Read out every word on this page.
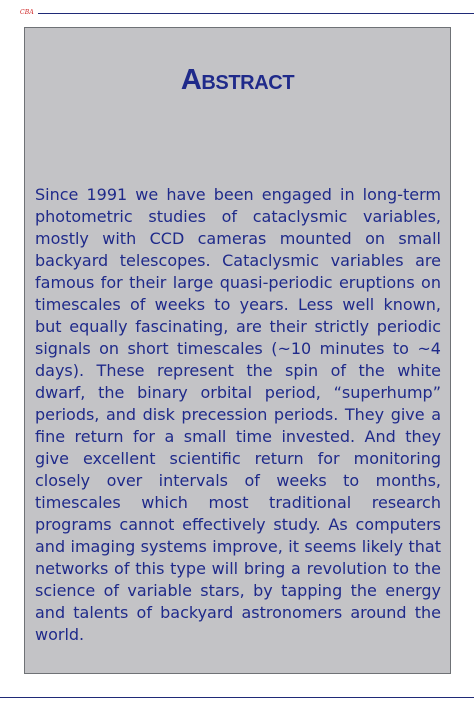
CBA
Abstract
Since 1991 we have been engaged in long-term photometric studies of cataclysmic variables, mostly with CCD cameras mounted on small backyard telescopes. Cataclysmic variables are famous for their large quasi-periodic eruptions on timescales of weeks to years. Less well known, but equally fascinating, are their strictly periodic signals on short timescales (~10 minutes to ~4 days). These represent the spin of the white dwarf, the binary orbital period, “superhump” periods, and disk precession periods. They give a fine return for a small time invested. And they give excellent scientific return for monitoring closely over intervals of weeks to months, timescales which most traditional research programs cannot effectively study. As computers and imaging systems improve, it seems likely that networks of this type will bring a revolution to the science of variable stars, by tapping the energy and talents of backyard astronomers around the world.
